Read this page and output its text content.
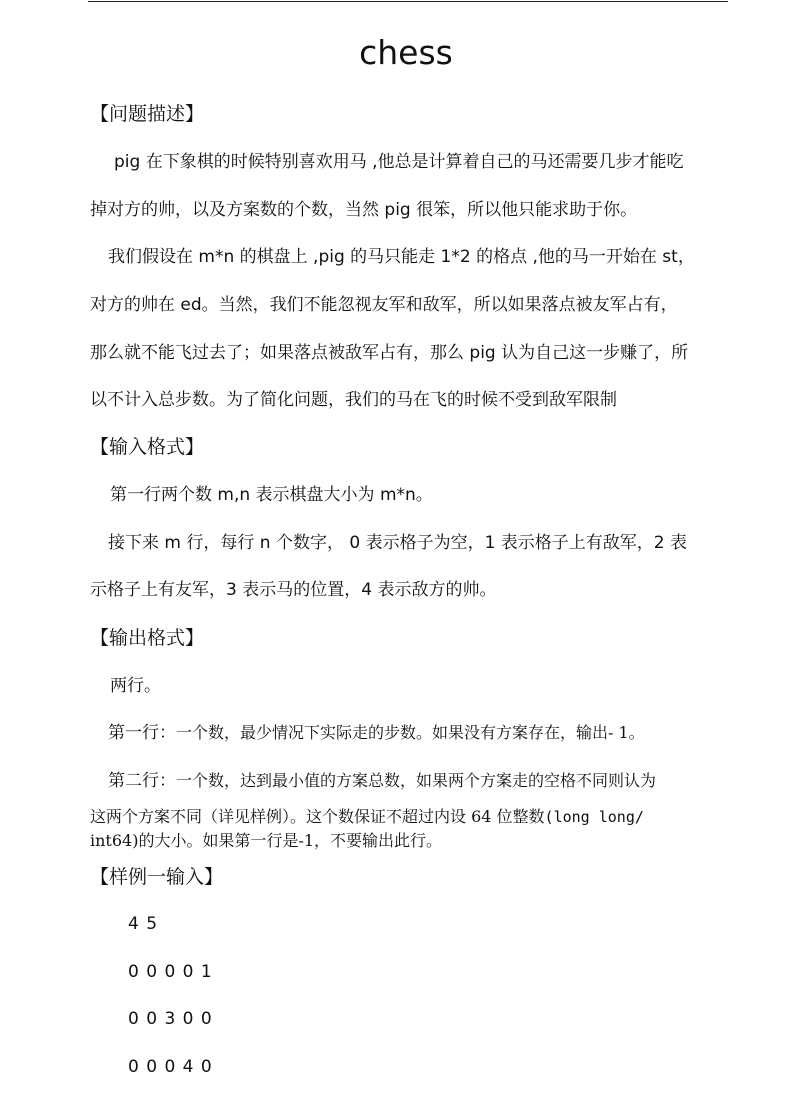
chess
【问题描述】
pig 在下象棋的时候特别喜欢用马 ,他总是计算着自己的马还需要几步才能吃
掉对方的帅，以及方案数的个数，当然 pig 很笨，所以他只能求助于你。
我们假设在 m*n 的棋盘上 ,pig 的马只能走 1*2 的格点 ,他的马一开始在 st，
对方的帅在 ed。当然，我们不能忽视友军和敌军，所以如果落点被友军占有，
那么就不能飞过去了；如果落点被敌军占有，那么 pig 认为自己这一步赚了，所
以不计入总步数。为了简化问题，我们的马在飞的时候不受到敌军限制
【输入格式】
第一行两个数 m,n 表示棋盘大小为 m*n。
接下来 m 行，每行 n 个数字， 0 表示格子为空，1 表示格子上有敌军，2 表
示格子上有友军，3 表示马的位置，4 表示敌方的帅。
【输出格式】
两行。
第一行：一个数，最少情况下实际走的步数。如果没有方案存在，输出- 1。
第二行：一个数，达到最小值的方案总数，如果两个方案走的空格不同则认为
这两个方案不同（详见样例）。这个数保证不超过内设 64 位整数(long long/
int64)的大小。如果第一行是-1，不要输出此行。
【样例一输入】
4 5
0 0 0 0 1
0 0 3 0 0
0 0 0 4 0
